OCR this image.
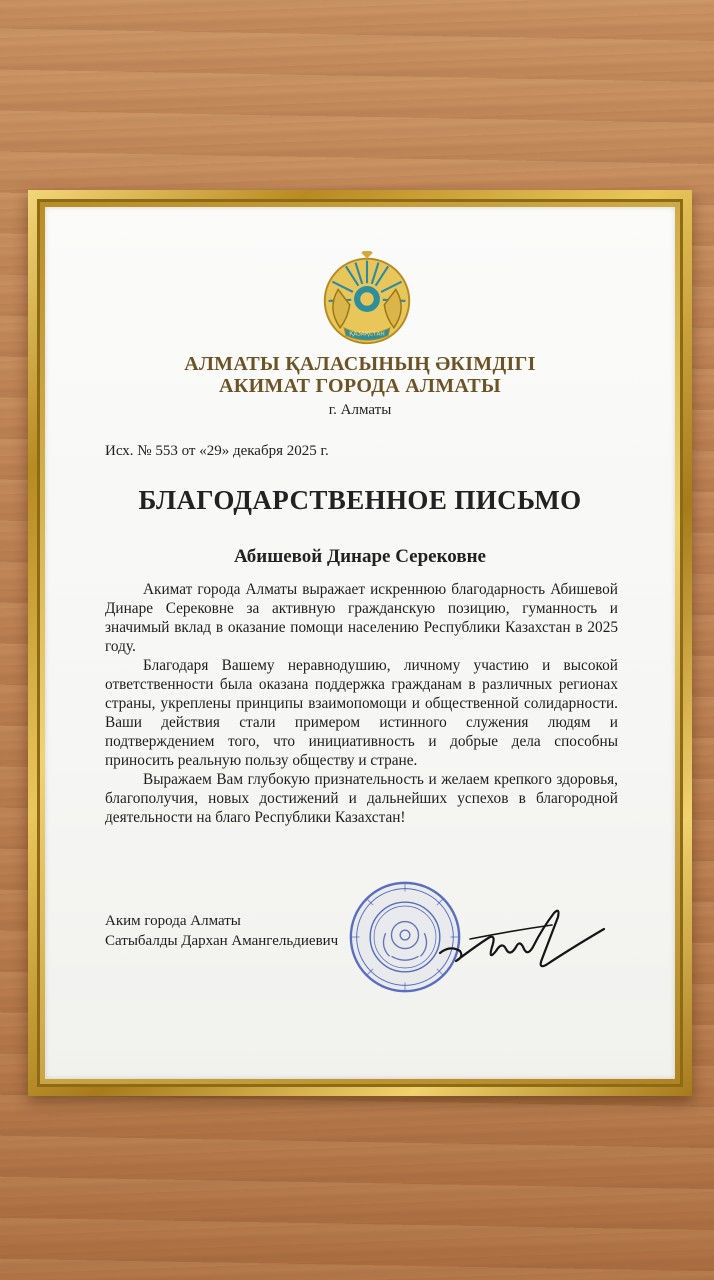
ҚАЗАҚСТАН
АЛМАТЫ ҚАЛАСЫНЫҢ ӘКІМДІГІ
АКИМАТ ГОРОДА АЛМАТЫ
г. Алматы
Исх. № 553 от «29» декабря 2025 г.
БЛАГОДАРСТВЕННОЕ ПИСЬМО
Абишевой Динаре Серековне

Акимат города Алматы выражает искреннюю благодарность Абишевой Динаре Серековне за активную гражданскую позицию, гуманность и значимый вклад в оказание помощи населению Республики Казахстан в 2025 году.

Благодаря Вашему неравнодушию, личному участию и высокой ответственности была оказана поддержка гражданам в различных регионах страны, укреплены принципы взаимопомощи и общественной солидарности. Ваши действия стали примером истинного служения людям и подтверждением того, что инициативность и добрые дела способны приносить реальную пользу обществу и стране.

Выражаем Вам глубокую признательность и желаем крепкого здоровья, благополучия, новых достижений и дальнейших успехов в благородной деятельности на благо Республики Казахстан!

Аким города Алматы
Сатыбалды Дархан Амангельдиевич
